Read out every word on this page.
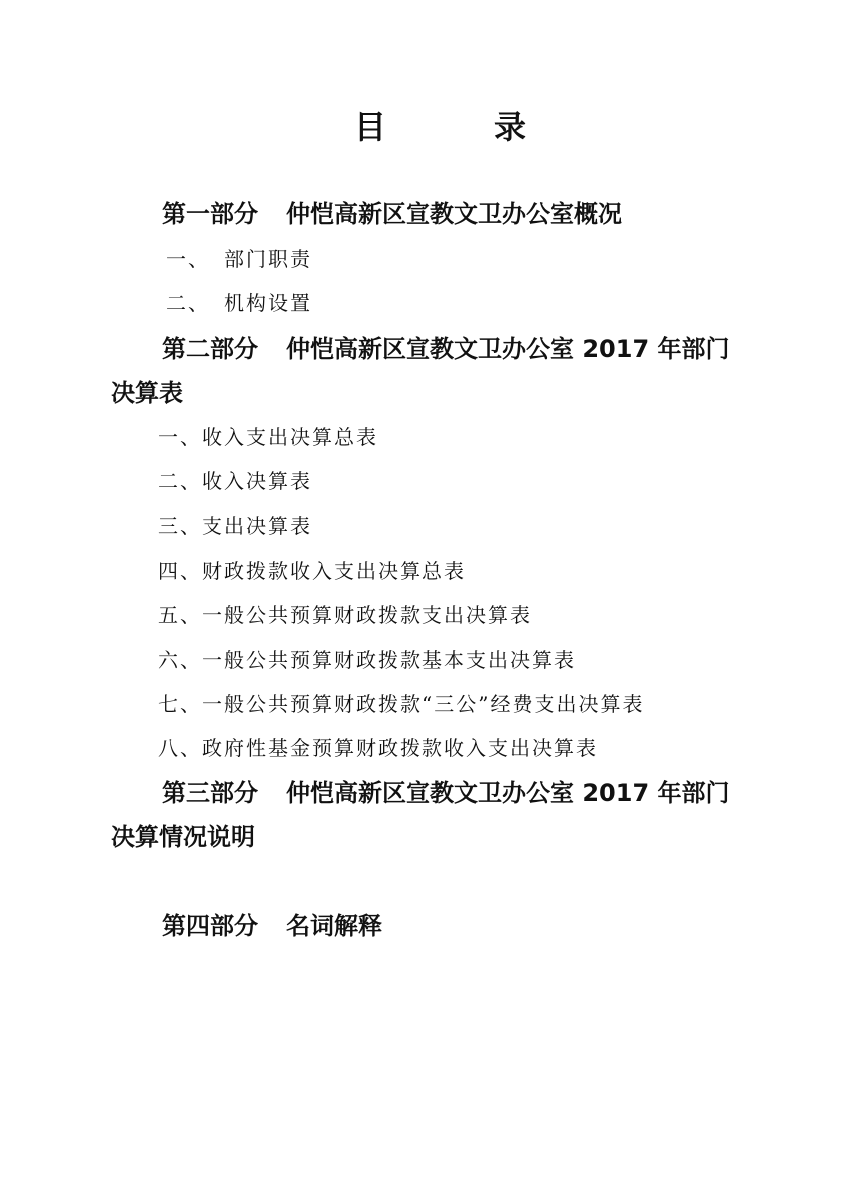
目	录
第一部分 仲恺高新区宣教文卫办公室概况
一、 部门职责
二、 机构设置
第二部分 仲恺高新区宣教文卫办公室 2017 年部门
决算表
一、收入支出决算总表
二、收入决算表
三、支出决算表
四、财政拨款收入支出决算总表
五、一般公共预算财政拨款支出决算表
六、一般公共预算财政拨款基本支出决算表
七、一般公共预算财政拨款“三公”经费支出决算表
八、政府性基金预算财政拨款收入支出决算表
第三部分 仲恺高新区宣教文卫办公室 2017 年部门
决算情况说明
第四部分 名词解释
